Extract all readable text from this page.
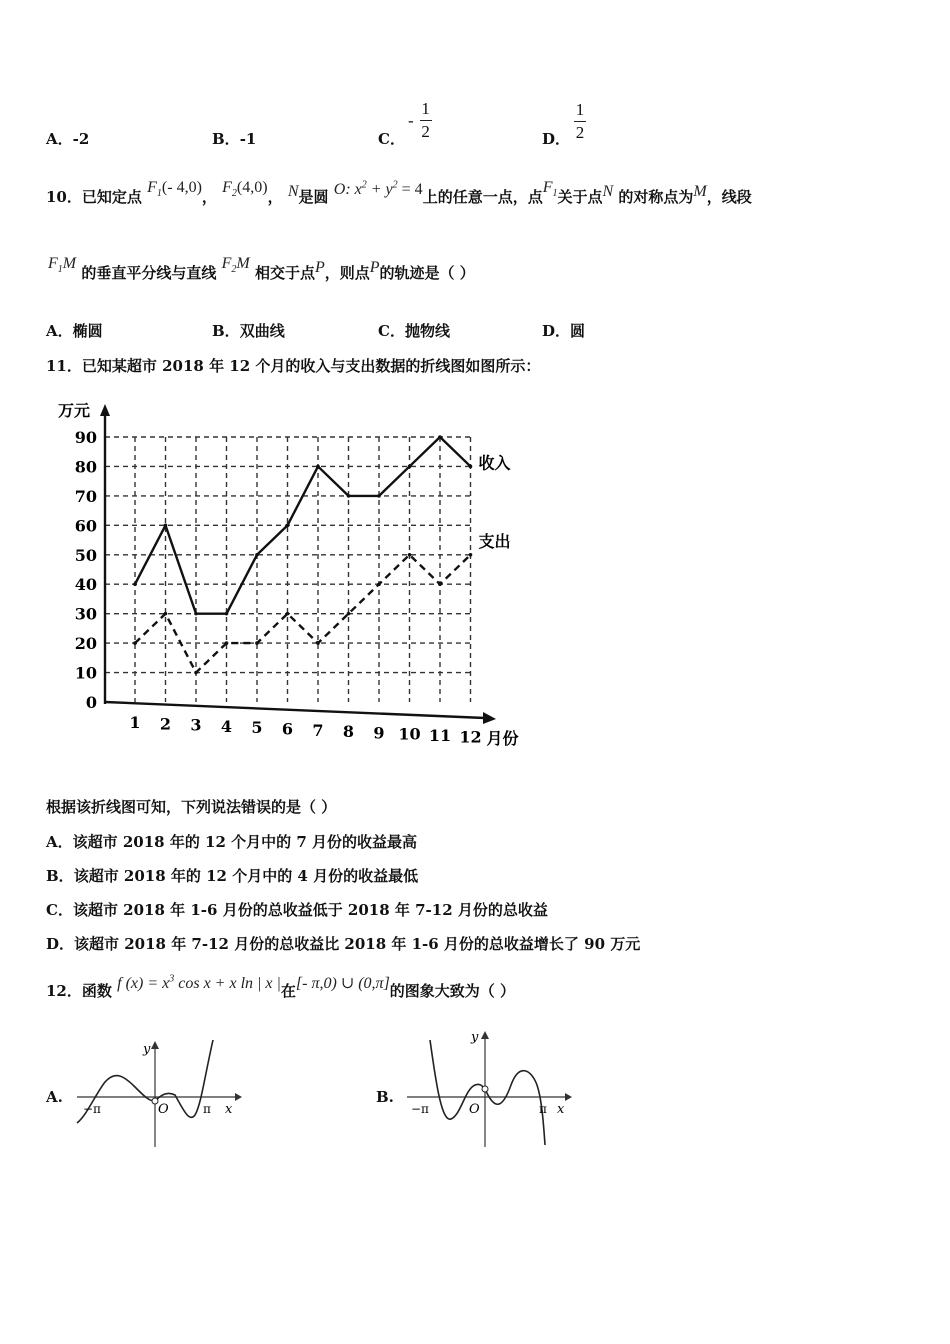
A．-2	B．-1	C．
- $\frac{1}{2}$	D． $\frac{1}{2}$
10．已知定点 $F_1(-$ 4,0)， $F_2(4,0)$， N是圆 O: $x^2 + y^2 = 4$上的任意一点，点$F_1$关于点N 的对称点为M，线段
$F_1M$ 的垂直平分线与直线 $F_2M$ 相交于点P，则点P的轨迹是（ ）
A．椭圆	B．双曲线	C．抛物线	D．圆
11．已知某超市 2018 年 12 个月的收入与支出数据的折线图如图所示：
0
10
20
30
40
50
60
70
80
90
1 2 3 4 5 6 7 8 9 10 11 12
万元
月份
收入
支出
根据该折线图可知，下列说法错误的是（ ）
A．该超市 2018 年的 12 个月中的 7 月份的收益最高
B．该超市 2018 年的 12 个月中的 4 月份的收益最低
C．该超市 2018 年 1-6 月份的总收益低于 2018 年 7-12 月份的总收益
D．该超市 2018 年 7-12 月份的总收益比 2018 年 1-6 月份的总收益增长了 90 万元
12．函数 f $(x) = x^3$ cos x + x ln | x |在[- π,0) ∪ (0,π]的图象大致为（ ）
A.
y
x
O
−π	π
B.
y
x
O
−π	π
